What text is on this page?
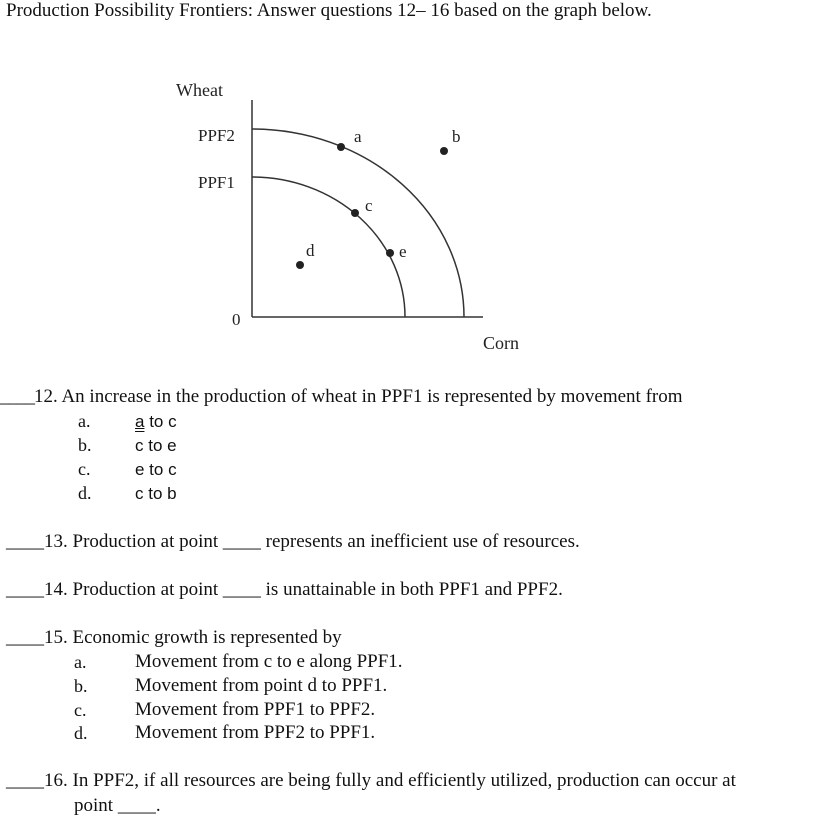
Production Possibility Frontiers: Answer questions 12– 16 based on the graph below.
Wheat
PPF2
PPF1
0
Corn
a	b
c
d	e
____12. An increase in the production of wheat in PPF1 is represented by movement from
a.	a to c
b.	c to e
c.	e to c
d.	c to b
____13. Production at point ____ represents an inefficient use of resources.
____14. Production at point ____ is unattainable in both PPF1 and PPF2.
____15. Economic growth is represented by
a.	Movement from c to e along PPF1.
b.	Movement from point d to PPF1.
c.	Movement from PPF1 to PPF2.
d.	Movement from PPF2 to PPF1.
____16. In PPF2, if all resources are being fully and efficiently utilized, production can occur at
point ____.
